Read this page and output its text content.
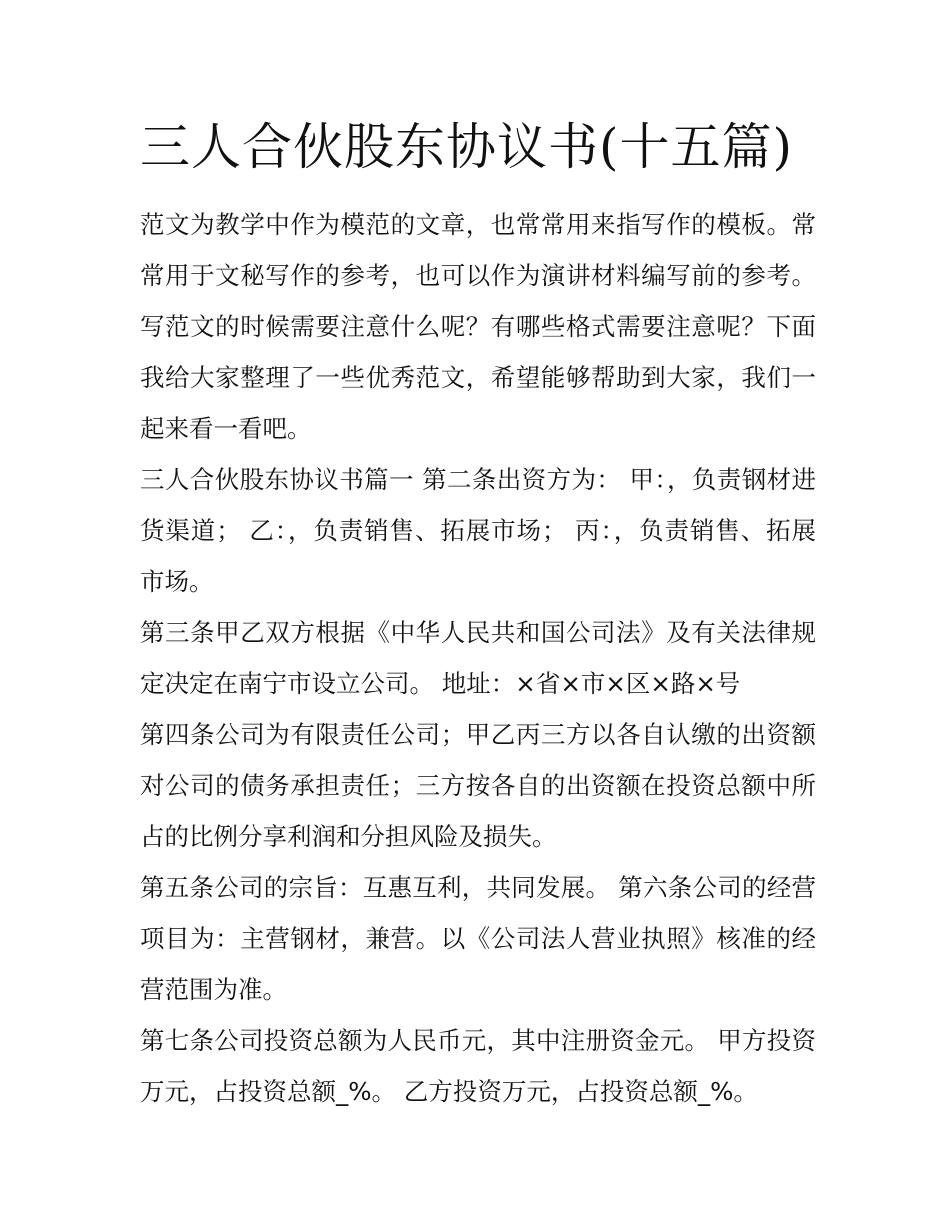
三人合伙股东协议书(十五篇)

范文为教学中作为模范的文章，也常常用来指写作的模板。常常用于文秘写作的参考，也可以作为演讲材料编写前的参考。写范文的时候需要注意什么呢？有哪些格式需要注意呢？下面我给大家整理了一些优秀范文，希望能够帮助到大家，我们一起来看一看吧。

三人合伙股东协议书篇一 第二条出资方为： 甲：，负责钢材进货渠道； 乙：，负责销售、拓展市场； 丙：，负责销售、拓展市场。

第三条甲乙双方根据《中华人民共和国公司法》及有关法律规定决定在南宁市设立公司。 地址：×省×市×区×路×号

第四条公司为有限责任公司；甲乙丙三方以各自认缴的出资额对公司的债务承担责任；三方按各自的出资额在投资总额中所占的比例分享利润和分担风险及损失。

第五条公司的宗旨：互惠互利，共同发展。 第六条公司的经营项目为：主营钢材，兼营。以《公司法人营业执照》核准的经营范围为准。

第七条公司投资总额为人民币元，其中注册资金元。 甲方投资万元，占投资总额_%。 乙方投资万元，占投资总额_%。
